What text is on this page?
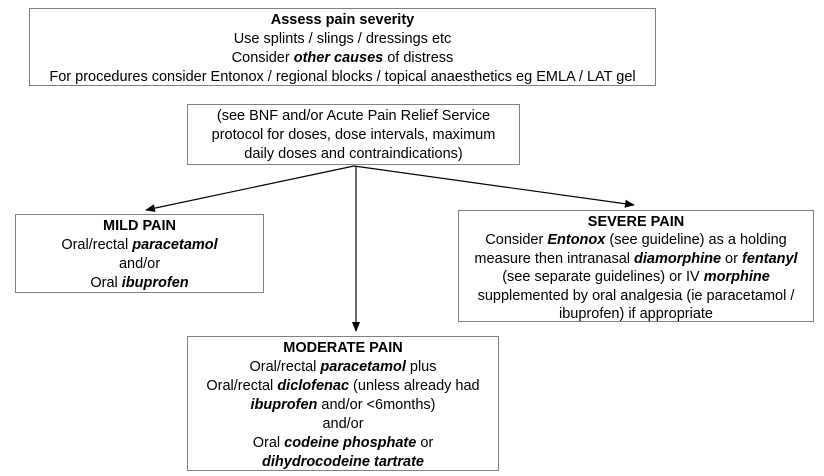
Assess pain severity
Use splints / slings / dressings etc
Consider other causes of distress
For procedures consider Entonox / regional blocks / topical anaesthetics eg EMLA / LAT gel
(see BNF and/or Acute Pain Relief Service
protocol for doses, dose intervals, maximum
daily doses and contraindications)
MILD PAIN
Oral/rectal paracetamol
and/or
Oral ibuprofen
SEVERE PAIN
Consider Entonox (see guideline) as a holding
measure then intranasal diamorphine or fentanyl
(see separate guidelines) or IV morphine
supplemented by oral analgesia (ie paracetamol /
ibuprofen) if appropriate
MODERATE PAIN
Oral/rectal paracetamol plus
Oral/rectal diclofenac (unless already had
ibuprofen and/or <6months)
and/or
Oral codeine phosphate or
dihydrocodeine tartrate
